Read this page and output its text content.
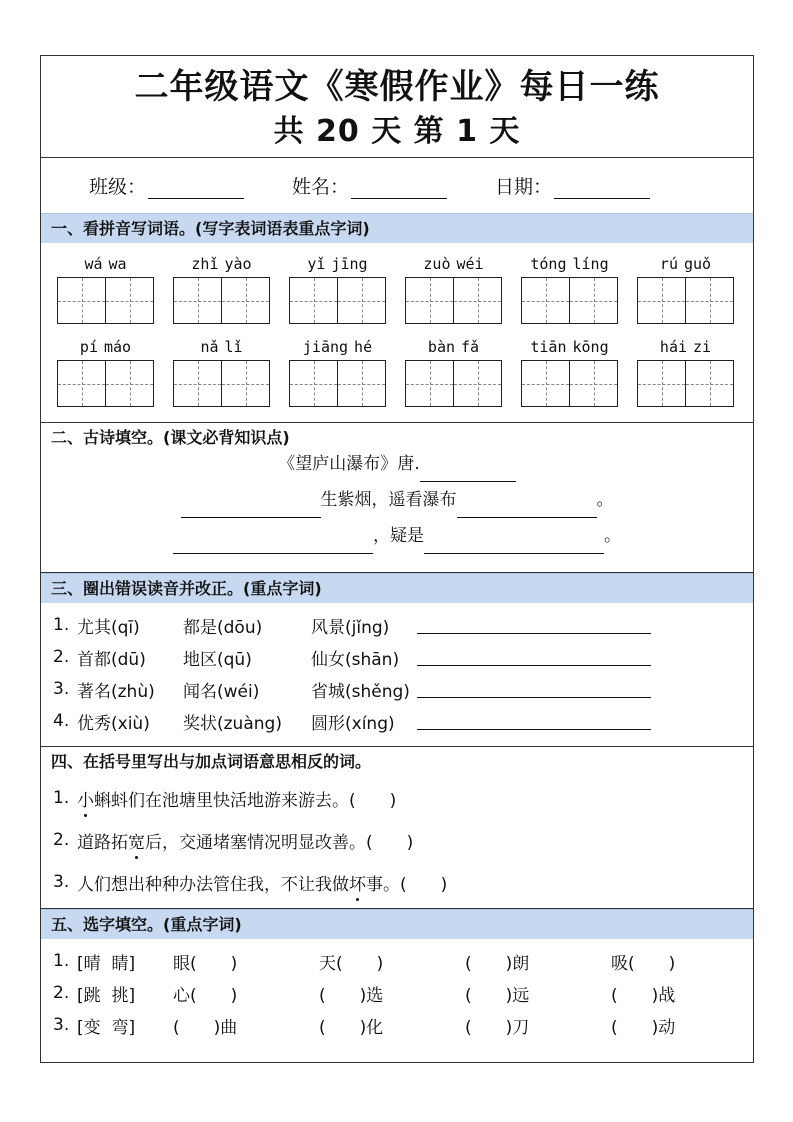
二年级语文《寒假作业》每日一练
共 20 天 第 1 天
班级：	姓名：	日期：
一、看拼音写词语。(写字表词语表重点字词)
wá wa	zhǐ yào	yǐ jīng	zuò wéi	tóng líng	rú guǒ
pí máo	nǎ lǐ	jiāng hé	bàn fǎ	tiān kōng	hái zi
二、古诗填空。(课文必背知识点)
《望庐山瀑布》唐.
生紫烟，遥看瀑布	。
，疑是	。
三、圈出错误读音并改正。(重点字词)
1. 尤其(qī)	都是(dōu)	风景(jǐng)
2. 首都(dū)	地区(qū)	仙女(shān)
3. 著名(zhù)	闻名(wéi)	省城(shěng)
4. 优秀(xiù)	奖状(zuàng)	圆形(xíng)
四、在括号里写出与加点词语意思相反的词。
1. 小 蝌蚪们在池塘里快活地游来游去。(　　)
2. 道路拓 宽 后，交通堵塞情况明显改善。(　　)
3. 人们想出种种办法管住我，不让我做 坏 事。(　　)
五、选字填空。(重点字词)
1. [晴  睛]	眼(　　)	天(　　)	(　　)朗	吸(　　)
2. [跳  挑]	心(　　)	(　　)选	(　　)远	(　　)战
3. [变  弯]	(　　)曲	(　　)化	(　　)刀	(　　)动
